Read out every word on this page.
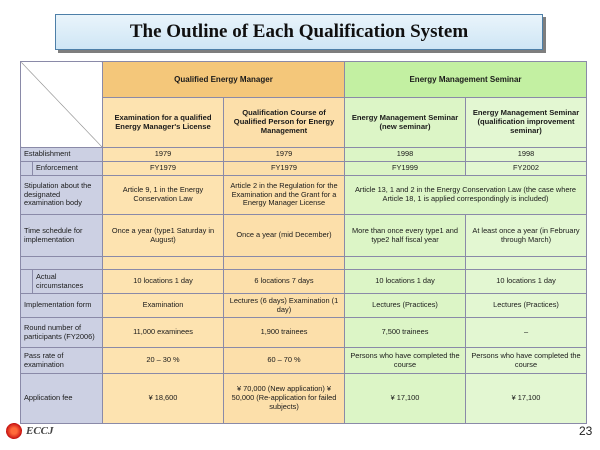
The Outline of Each Qualification System
		Qualified Energy Manager		Energy Management Seminar	
		Examination for a qualified Energy Manager's License	Qualification Course of Qualified Person for Energy Management	Energy Management Seminar (new seminar)	Energy Management Seminar (qualification improvement seminar)
Establishment		1979	1979	1998	1998
	Enforcement	FY1979	FY1979	FY1999	FY2002
Stipulation about the designated examination body		Article 9, 1 in the Energy Conservation Law	Article 2 in the Regulation for the Examination and the Grant for a Energy Manager License	Article 13, 1 and 2 in the Energy Conservation Law (the case where Article 18, 1 is applied correspondingly is included)	
Time schedule for implementation		Once a year (type1 Saturday in August)	Once a year (mid December)	More than once every type1 and type2 half fiscal year	At least once a year (in February through March)

	Actual circumstances	10 locations 1 day	6 locations 7 days	10 locations 1 day	10 locations 1 day
Implementation form		Examination	Lectures (6 days) Examination (1 day)	Lectures (Practices)	Lectures (Practices)
Round number of participants (FY2006)		11,000 examinees	1,900 trainees	7,500 trainees	–
Pass rate of examination		20 – 30 %	60 – 70 %	Persons who have completed the course	Persons who have completed the course
Application fee		¥ 18,600	¥ 70,000 (New application) ¥ 50,000 (Re-application for failed subjects)	¥ 17,100	¥ 17,100
ECCJ	23
